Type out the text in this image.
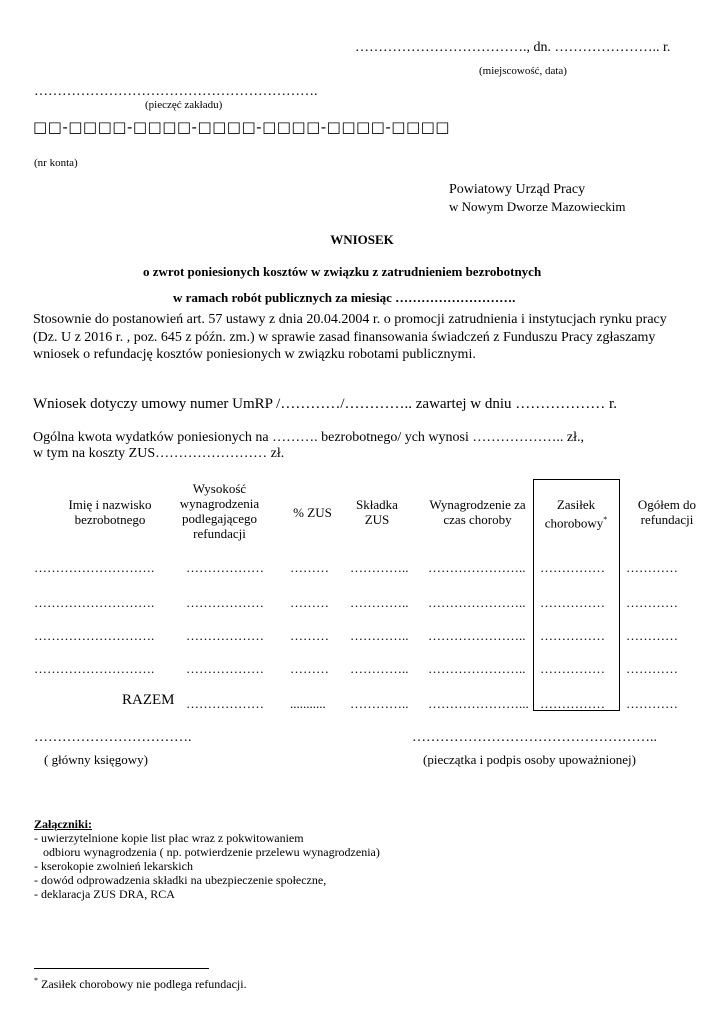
………………………………., dn. ………………….. r.
(miejscowość, data)
…………………………………………………….
(pieczęć zakładu)
□□-□□□□-□□□□-□□□□-□□□□-□□□□-□□□□
(nr konta)
Powiatowy Urząd Pracy
w Nowym Dworze Mazowieckim
WNIOSEK
o zwrot poniesionych kosztów w związku z zatrudnieniem bezrobotnych
w ramach robót publicznych za miesiąc ……………………….
Stosownie do postanowień art. 57 ustawy z dnia 20.04.2004 r. o promocji zatrudnienia i instytucjach rynku pracy
(Dz. U z 2016 r. , poz. 645 z późn. zm.) w sprawie zasad finansowania świadczeń z Funduszu Pracy zgłaszamy
wniosek o refundację kosztów poniesionych w związku robotami publicznymi.
Wniosek dotyczy umowy numer UmRP /…………/………….. zawartej w dniu ……………… r.
Ogólna kwota wydatków poniesionych na ………. bezrobotnego/ ych wynosi ……………….. zł.,
w tym na koszty ZUS…………………… zł.
Imię i nazwisko bezrobotnego
Wysokość wynagrodzenia podlegającego refundacji
% ZUS
Składka ZUS
Wynagrodzenie za czas choroby
Zasiłek chorobowy*
Ogółem do refundacji
………………………. ……………… ……… ………….. ………………….. …………… …………
………………………. ……………… ……… ………….. ………………….. …………… …………
………………………. ……………… ……… ………….. ………………….. …………… …………
………………………. ……………… ……… ………….. ………………….. …………… …………
RAZEM ……………… ........... ………….. …………………... …………… …………
…………………………….
( główny księgowy)
……………………………………………..
(pieczątka i podpis osoby upoważnionej)
Załączniki:
- uwierzytelnione kopie list płac wraz z pokwitowaniem
odbioru wynagrodzenia ( np. potwierdzenie przelewu wynagrodzenia)
- kserokopie zwolnień lekarskich
- dowód odprowadzenia składki na ubezpieczenie społeczne,
- deklaracja ZUS DRA, RCA
* Zasiłek chorobowy nie podlega refundacji.
